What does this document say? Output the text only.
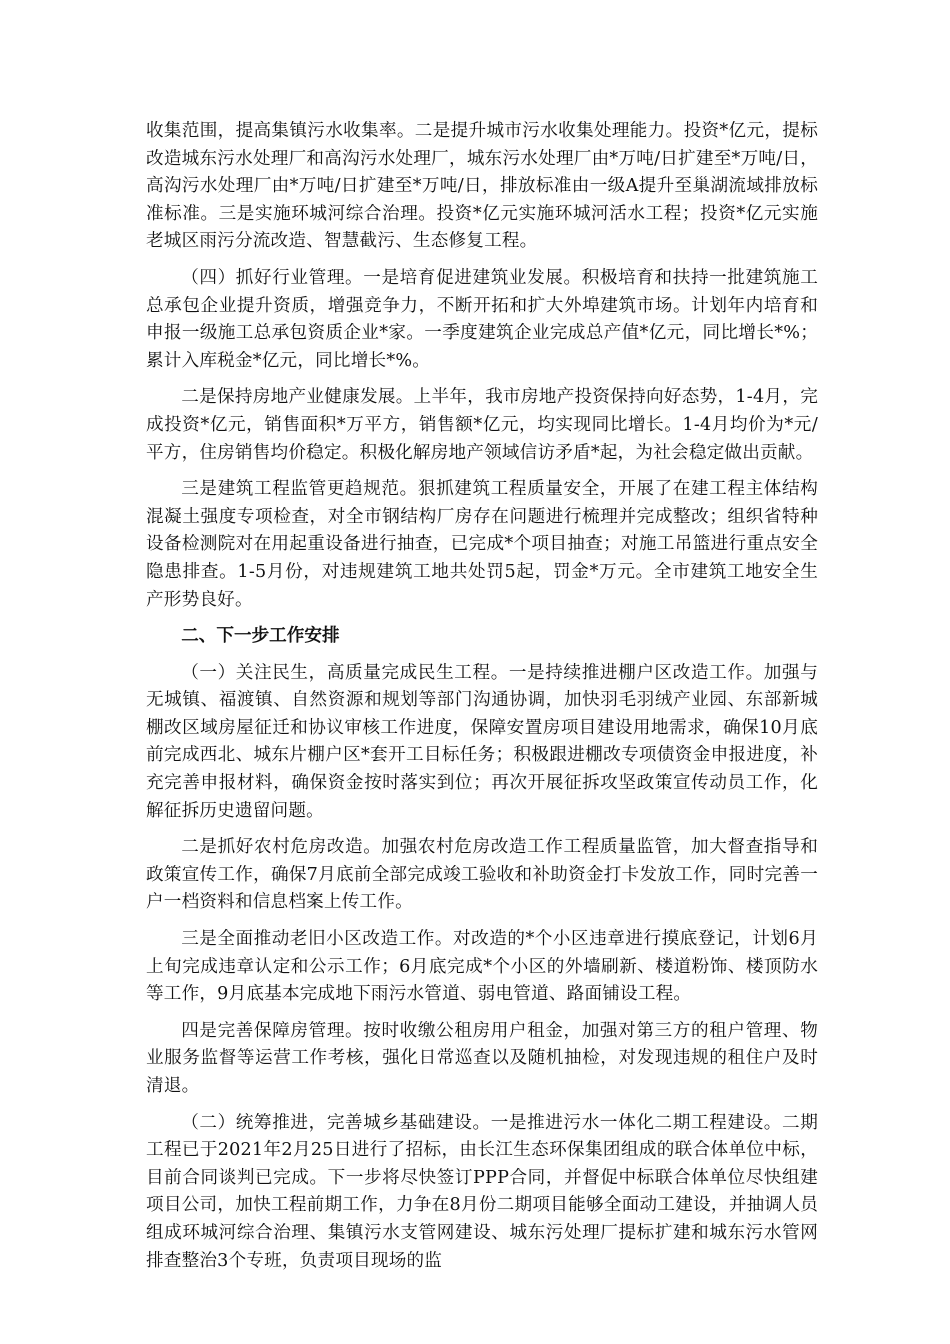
收集范围，提高集镇污水收集率。二是提升城市污水收集处理能力。投资*亿元，提标改造城东污水处理厂和高沟污水处理厂，城东污水处理厂由*万吨/日扩建至*万吨/日，高沟污水处理厂由*万吨/日扩建至*万吨/日，排放标准由一级A提升至巢湖流域排放标准标准。三是实施环城河综合治理。投资*亿元实施环城河活水工程；投资*亿元实施老城区雨污分流改造、智慧截污、生态修复工程。

（四）抓好行业管理。一是培育促进建筑业发展。积极培育和扶持一批建筑施工总承包企业提升资质，增强竞争力，不断开拓和扩大外埠建筑市场。计划年内培育和申报一级施工总承包资质企业*家。一季度建筑企业完成总产值*亿元，同比增长*%；累计入库税金*亿元，同比增长*%。

二是保持房地产业健康发展。上半年，我市房地产投资保持向好态势，1-4月，完成投资*亿元，销售面积*万平方，销售额*亿元，均实现同比增长。1-4月均价为*元/平方，住房销售均价稳定。积极化解房地产领域信访矛盾*起，为社会稳定做出贡献。

三是建筑工程监管更趋规范。狠抓建筑工程质量安全，开展了在建工程主体结构混凝土强度专项检查，对全市钢结构厂房存在问题进行梳理并完成整改；组织省特种设备检测院对在用起重设备进行抽查，已完成*个项目抽查；对施工吊篮进行重点安全隐患排查。1-5月份，对违规建筑工地共处罚5起，罚金*万元。全市建筑工地安全生产形势良好。

二、下一步工作安排

（一）关注民生，高质量完成民生工程。一是持续推进棚户区改造工作。加强与无城镇、福渡镇、自然资源和规划等部门沟通协调，加快羽毛羽绒产业园、东部新城棚改区域房屋征迁和协议审核工作进度，保障安置房项目建设用地需求，确保10月底前完成西北、城东片棚户区*套开工目标任务；积极跟进棚改专项债资金申报进度，补充完善申报材料，确保资金按时落实到位；再次开展征拆攻坚政策宣传动员工作，化解征拆历史遗留问题。

二是抓好农村危房改造。加强农村危房改造工作工程质量监管，加大督查指导和政策宣传工作，确保7月底前全部完成竣工验收和补助资金打卡发放工作，同时完善一户一档资料和信息档案上传工作。

三是全面推动老旧小区改造工作。对改造的*个小区违章进行摸底登记，计划6月上旬完成违章认定和公示工作；6月底完成*个小区的外墙刷新、楼道粉饰、楼顶防水等工作，9月底基本完成地下雨污水管道、弱电管道、路面铺设工程。

四是完善保障房管理。按时收缴公租房用户租金，加强对第三方的租户管理、物业服务监督等运营工作考核，强化日常巡查以及随机抽检，对发现违规的租住户及时清退。

（二）统筹推进，完善城乡基础建设。一是推进污水一体化二期工程建设。二期工程已于2021年2月25日进行了招标，由长江生态环保集团组成的联合体单位中标，目前合同谈判已完成。下一步将尽快签订PPP合同，并督促中标联合体单位尽快组建项目公司，加快工程前期工作，力争在8月份二期项目能够全面动工建设，并抽调人员组成环城河综合治理、集镇污水支管网建设、城东污处理厂提标扩建和城东污水管网排查整治3个专班，负责项目现场的监
